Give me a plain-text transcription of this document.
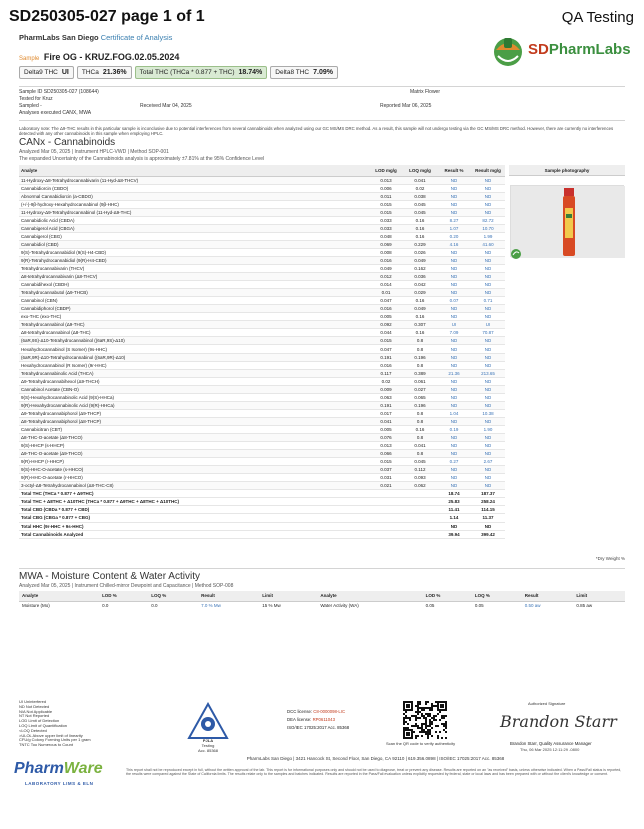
SD250305-027 page 1 of 1	QA Testing
PharmLabs San Diego Certificate of Analysis
SDPharmLabs
Sample Fire OG - KRUZ.FOG.02.05.2024
Delta9 THC UI THCa 21.36% Total THC (THCa * 0.877 + THC) 18.74% Delta8 THC 7.09%
Sample ID SD250305-027 (108644)	Matrix Flower
Tested for Kruz
Sampled -	Received Mar 04, 2025	Reported Mar 06, 2025
Analyses executed CANX, MWA
Laboratory note: The Δ9-THC results in this particular sample is inconclusive due to potential interferences from several cannabinoids when analyzed using our GC MS/MS DRC method. As a result, this sample will not undergo testing via the GC MS/MS DRC method. However, there are currently no interferences detected with any other cannabinoids in this sample when employing HPLC.
CANx - Cannabinoids
Analyzed Mar 05, 2025 | Instrument HPLC-VWD | Method SOP-001
The expanded Uncertainty of the Cannabinoids analysis is approximately ±7.81% at the 95% Confidence Level
Analyte	LOD mg/g	LOQ mg/g	Result %	Result mg/g
11-Hydroxy-Δ8-Tetrahydrocannabivarin (11-Hyd-Δ8-THCV)	0.013	0.041	ND	ND
Cannabidiorcin (CBDO)	0.006	0.02	ND	ND
Abnormal Cannabidiorcin (a-CBDO)	0.011	0.038	ND	ND
(+/-)-9β-hydroxy-Hexahydrocannabinol (9β-HHC)	0.015	0.045	ND	ND
11-Hydroxy-Δ9-Tetrahydrocannabinol (11-Hyd-Δ9-THC)	0.015	0.045	ND	ND
Cannabidiolic Acid (CBDA)	0.033	0.16	8.27	82.72
Cannabigerol Acid (CBGA)	0.033	0.16	1.07	10.70
Cannabigerol (CBG)	0.048	0.16	0.20	1.99
Cannabidiol (CBD)	0.069	0.229	4.16	41.60
9(S)-Tetrahydrocannabidiol (9(S)-H4-CBD)	0.008	0.026	ND	ND
9(R)-Tetrahydrocannabidiol (9(R)-H4-CBD)	0.016	0.049	ND	ND
Tetrahydrocannabivarin (THCV)	0.049	0.162	ND	ND
Δ8-tetrahydrocannabivarin (Δ8-THCV)	0.012	0.036	ND	ND
Cannabidihexol (CBDH)	0.014	0.042	ND	ND
Tetrahydrocannabutol (Δ9-THCB)	0.01	0.029	ND	ND
Cannabinol (CBN)	0.047	0.16	0.07	0.71
Cannabidiphorol (CBDP)	0.016	0.049	ND	ND
exo-THC (exo-THC)	0.005	0.16	ND	ND
Tetrahydrocannabinol (Δ9-THC)	0.092	0.307	UI	UI
Δ8-tetrahydrocannabinol (Δ8-THC)	0.044	0.16	7.09	70.87
(6aR,9S)-Δ10-Tetrahydrocannabinol ((6aR,9S)-Δ10)	0.015	0.8	ND	ND
Hexahydrocannabinol (S Isomer) (9s-HHC)	0.047	0.8	ND	ND
(6aR,9R)-Δ10-Tetrahydrocannabinol ((6aR,9R)-Δ10)	0.191	0.196	ND	ND
Hexahydrocannabinol (R Isomer) (9r-HHC)	0.016	0.8	ND	ND
Tetrahydrocannabinolic Acid (THCA)	0.117	0.389	21.36	213.65
Δ9-Tetrahydrocannabihexol (Δ9-THCH)	0.02	0.061	ND	ND
Cannabinol Acetate (CBN-O)	0.009	0.027	ND	ND
9(S)-Hexahydrocannabinolic Acid (9(S)-HHCa)	0.063	0.065	ND	ND
9(R)-Hexahydrocannabinolic Acid (9(R)-HHCa)	0.191	0.196	ND	ND
Δ9-Tetrahydrocannabiphorol (Δ9-THCP)	0.017	0.8	1.04	10.38
Δ8-Tetrahydrocannabiphorol (Δ8-THCP)	0.041	0.8	ND	ND
Cannabicitran (CBT)	0.005	0.16	0.19	1.90
Δ8-THC-O-acetate (Δ8-THCO)	0.076	0.8	ND	ND
9(S)-HHCP (s-HHCP)	0.013	0.041	ND	ND
Δ9-THC-O-acetate (Δ9-THCO)	0.066	0.8	ND	ND
9(R)-HHCP (r-HHCP)	0.015	0.045	0.27	2.67
9(S)-HHC-O-acetate (s-HHCO)	0.037	0.112	ND	ND
9(R)-HHC-O-acetate (r-HHCO)	0.031	0.093	ND	ND
3-octyl-Δ8-Tetrahydrocannabinol (Δ8-THC-C8)	0.021	0.062	ND	ND
Total THC (THCa * 0.877 + Δ9THC)			18.74	187.37
Total THC + Δ8THC + Δ10THC (THCa * 0.877 + Δ9THC + Δ8THC + Δ10THC)			25.83	258.24
Total CBD (CBDa * 0.877 + CBD)			11.41	114.15
Total CBG (CBGa * 0.877 + CBG)			1.14	11.37
Total HHC (9r-HHC + 9s-HHC)			ND	ND
Total Cannabinoids Analyzed			39.94	399.42
Sample photography
*Dry Weight %
MWA - Moisture Content & Water Activity
Analyzed Mar 05, 2025 | Instrument Chilled-mirror Dewpoint and Capacitance | Method SOP-008
Analyte	LOD %	LOQ %	Result	Limit	Analyte	LOD %	LOQ %	Result	Limit
Moisture (Mo)	0.0	0.0	7.0 % Mw	15 % Mw	Water Activity (WA)	0.05	0.05	0.50 aw	0.85 aw
UI Uninterfered
ND Not Detected
N/A Not Applicable
NT Not Reported
LOD Limit of Detection
LOQ Limit of Quantification
<LOQ Detected
>ULOL Above upper limit of linearity
CFU/g Colony Forming Units per 1 gram
TNTC Too Numerous to Count
PJLA
Testing
Acc. 85368
DCC license: C8-0000098-LIC
DEA license: RP0611043
ISO/IEC 17025:2017 Acc. 85368
Scan the QR code to verify authenticity
Authorized Signature
Brandon Starr
Brandon Starr, Quality Assurance Manager
Thu, 06 Mar 2025 12:11:29 -0800
PharmWare
LABORATORY LIMS & ELN
PharmLabs San Diego | 3421 Hancock St, Second Floor, San Diego, CA 92110 | 619.356.0898 | ISO/IEC 17025:2017 Acc. 85368
This report shall not be reproduced except in full, without the written approval of the lab. This report is for informational purposes only and should not be used to diagnose, treat or prevent any disease. Results are reported on an "as received" basis, unless otherwise indicated. When a Pass/Fail status is reported, the results were compared against the State of California limits. The results relate only to the samples and batches indicated. Results are reported in the Pass/Fail evaluation unless explicitly requested by federal, state or local laws and has been prepared with or without the client's knowledge or consent.
